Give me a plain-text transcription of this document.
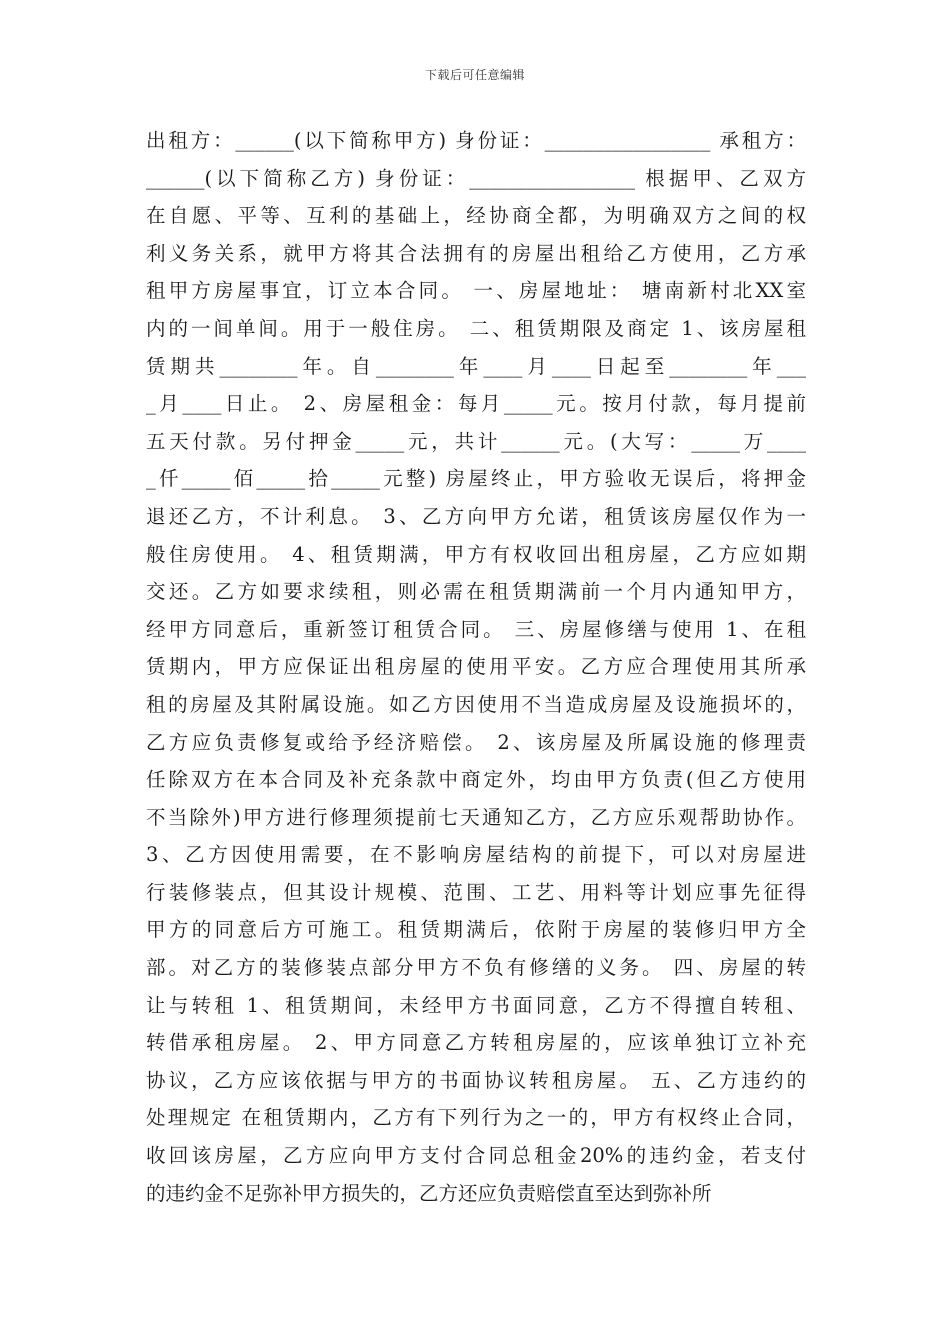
下载后可任意编辑
出租方：______(以下简称甲方) 身份证：_________________ 承租方：
______(以下简称乙方) 身份证：_________________ 根据甲、乙双方
在自愿、平等、互利的基础上，经协商全都，为明确双方之间的权
利义务关系，就甲方将其合法拥有的房屋出租给乙方使用，乙方承
租甲方房屋事宜，订立本合同。 一、房屋地址： 塘南新村北XX室
内的一间单间。用于一般住房。 二、租赁期限及商定 1、该房屋租
赁期共________年。自________年____月____日起至________年___
_月____日止。 2、房屋租金：每月_____元。按月付款，每月提前
五天付款。另付押金_____元，共计______元。(大写：_____万____
_仟_____佰_____拾_____元整) 房屋终止，甲方验收无误后，将押金
退还乙方，不计利息。 3、乙方向甲方允诺，租赁该房屋仅作为一
般住房使用。 4、租赁期满，甲方有权收回出租房屋，乙方应如期
交还。乙方如要求续租，则必需在租赁期满前一个月内通知甲方，
经甲方同意后，重新签订租赁合同。 三、房屋修缮与使用 1、在租
赁期内，甲方应保证出租房屋的使用平安。乙方应合理使用其所承
租的房屋及其附属设施。如乙方因使用不当造成房屋及设施损坏的，
乙方应负责修复或给予经济赔偿。 2、该房屋及所属设施的修理责
任除双方在本合同及补充条款中商定外，均由甲方负责(但乙方使用
不当除外)甲方进行修理须提前七天通知乙方，乙方应乐观帮助协作。
3、乙方因使用需要，在不影响房屋结构的前提下，可以对房屋进
行装修装点，但其设计规模、范围、工艺、用料等计划应事先征得
甲方的同意后方可施工。租赁期满后，依附于房屋的装修归甲方全
部。对乙方的装修装点部分甲方不负有修缮的义务。 四、房屋的转
让与转租 1、租赁期间，未经甲方书面同意，乙方不得擅自转租、
转借承租房屋。 2、甲方同意乙方转租房屋的，应该单独订立补充
协议，乙方应该依据与甲方的书面协议转租房屋。 五、乙方违约的
处理规定 在租赁期内，乙方有下列行为之一的，甲方有权终止合同，
收回该房屋，乙方应向甲方支付合同总租金20%的违约金，若支付
的违约金不足弥补甲方损失的，乙方还应负责赔偿直至达到弥补所
